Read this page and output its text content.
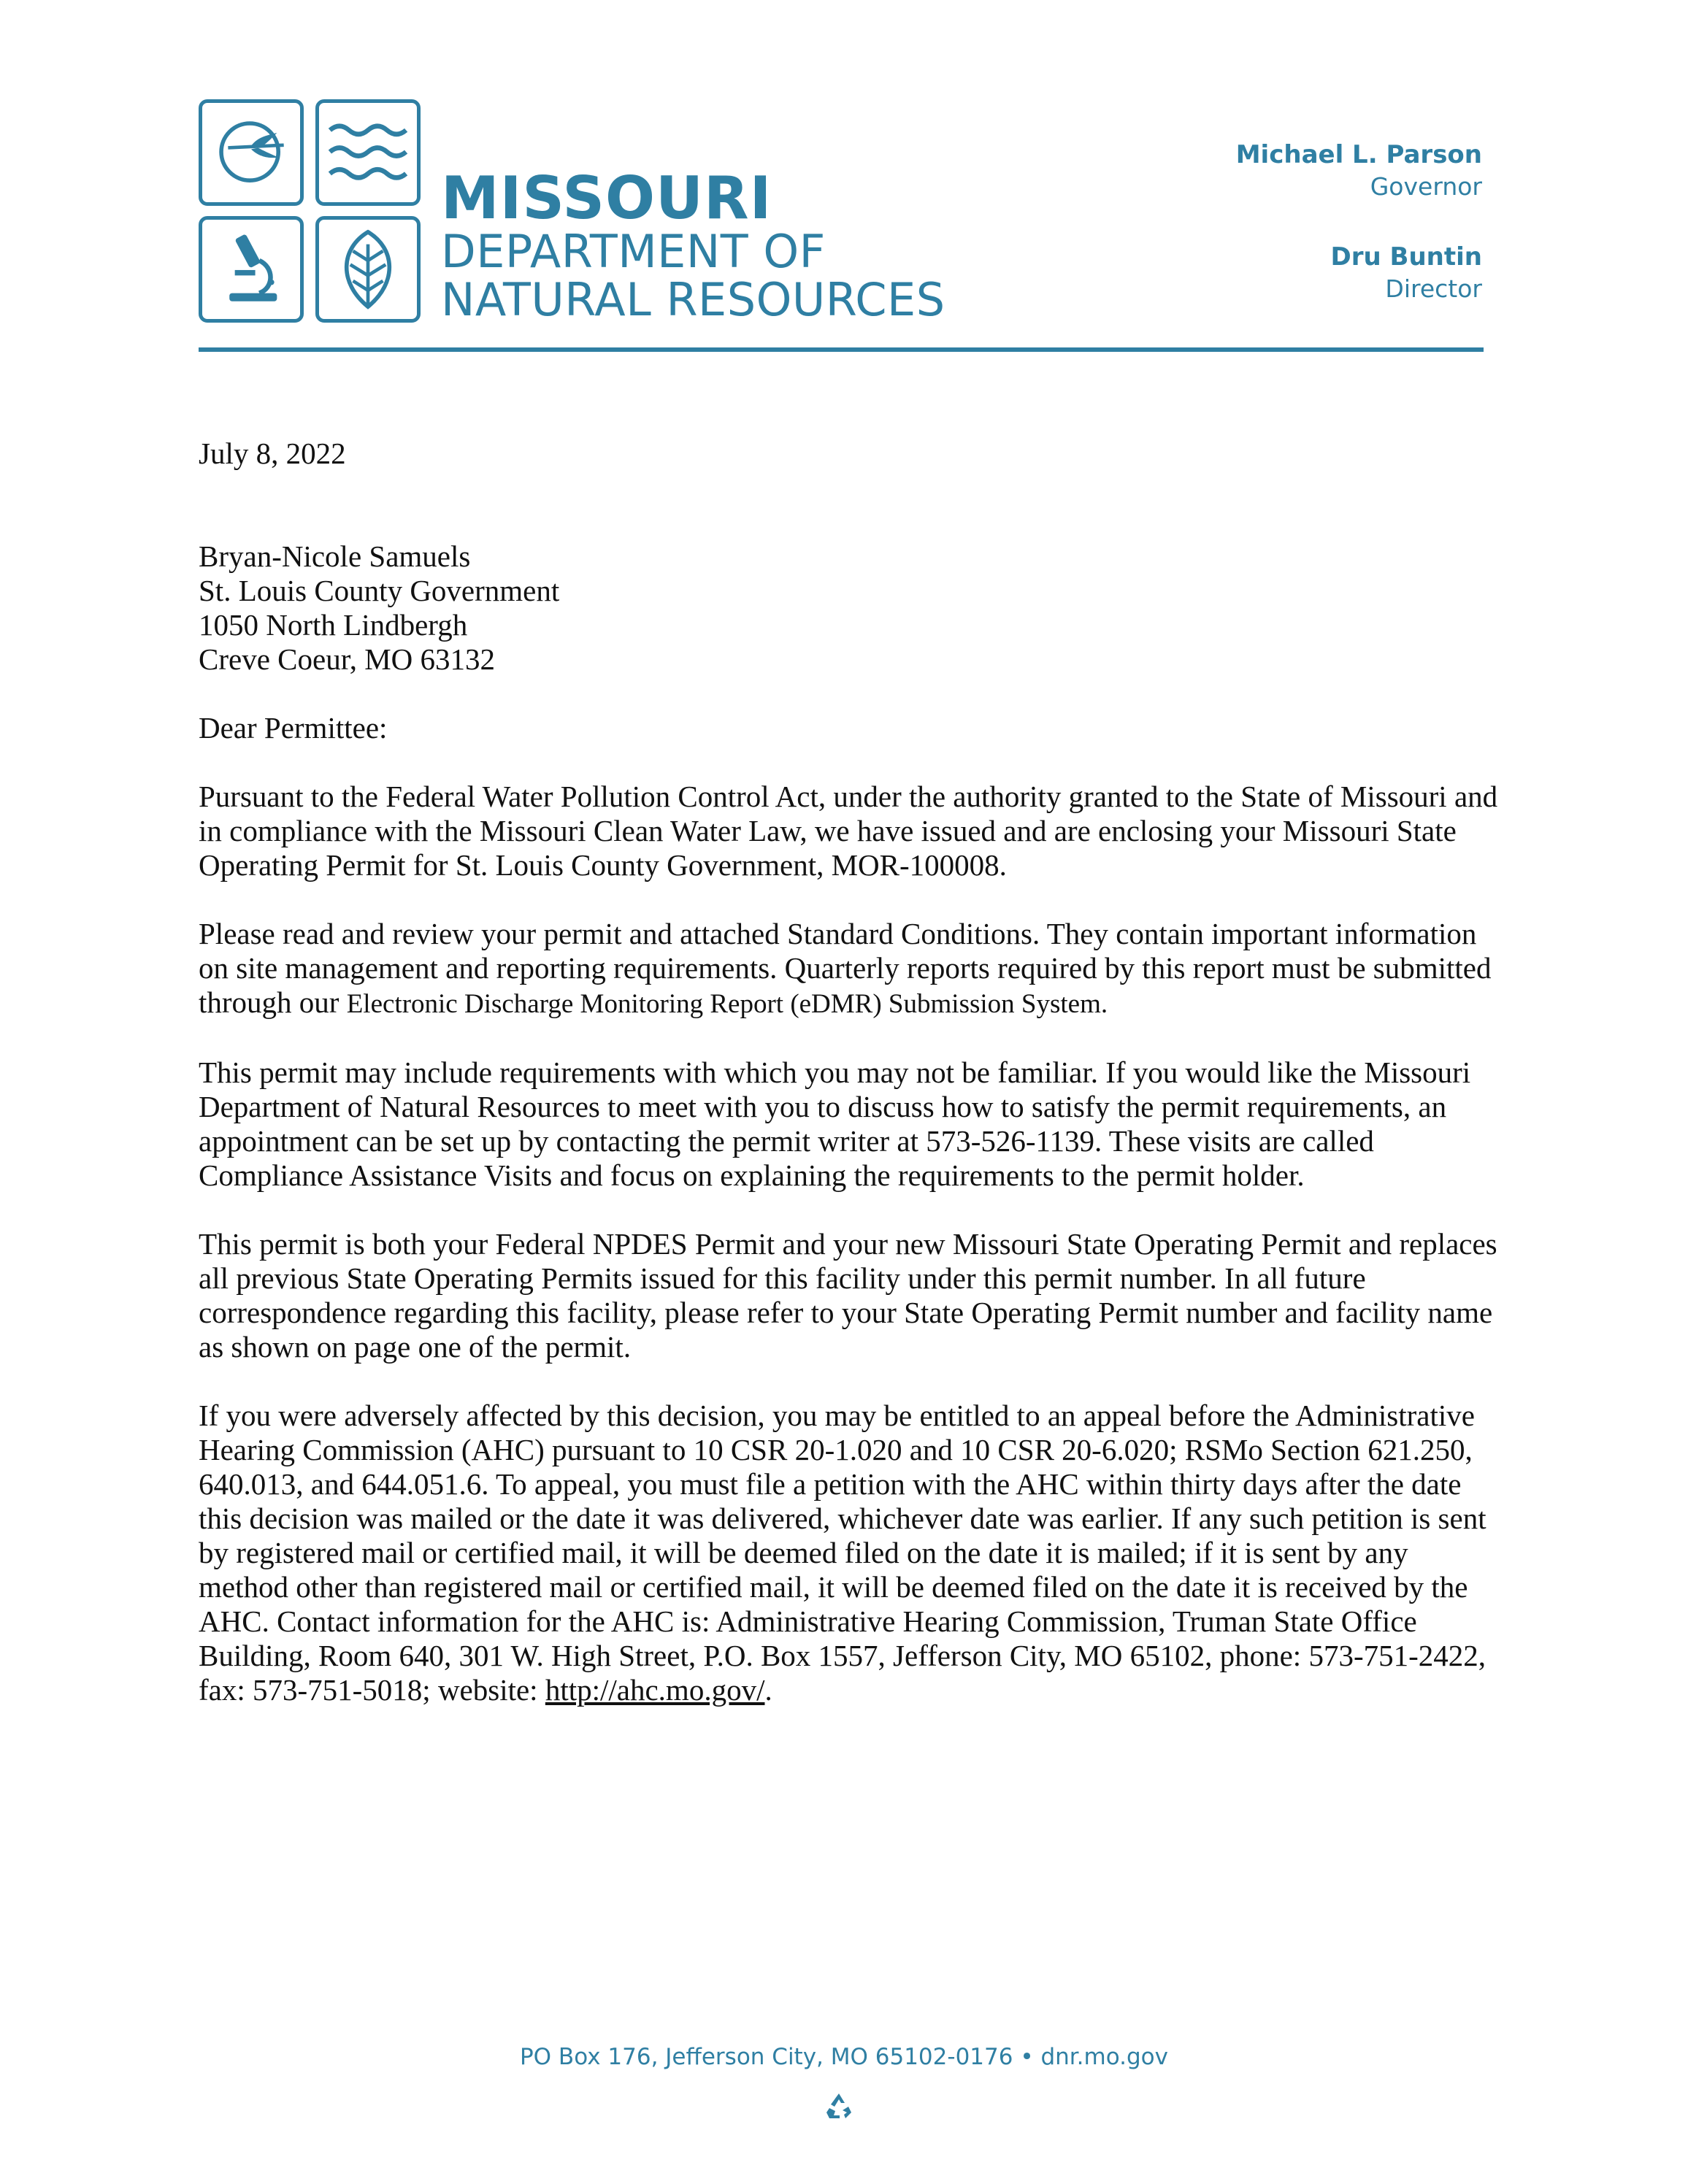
MISSOURI

DEPARTMENT OF

NATURAL RESOURCES

Michael L. Parson
Governor
Dru Buntin
Director

July 8, 2022

Bryan-Nicole Samuels
St. Louis County Government
1050 North Lindbergh
Creve Coeur, MO 63132

Dear Permittee:

Pursuant to the Federal Water Pollution Control Act, under the authority granted to the State of Missouri and in compliance with the Missouri Clean Water Law, we have issued and are enclosing your Missouri State Operating Permit for St. Louis County Government, MOR-100008.

Please read and review your permit and attached Standard Conditions. They contain important information on site management and reporting requirements. Quarterly reports required by this report must be submitted through our Electronic Discharge Monitoring Report (eDMR) Submission System.

This permit may include requirements with which you may not be familiar. If you would like the Missouri Department of Natural Resources to meet with you to discuss how to satisfy the permit requirements, an appointment can be set up by contacting the permit writer at 573-526-1139. These visits are called Compliance Assistance Visits and focus on explaining the requirements to the permit holder.

This permit is both your Federal NPDES Permit and your new Missouri State Operating Permit and replaces all previous State Operating Permits issued for this facility under this permit number. In all future correspondence regarding this facility, please refer to your State Operating Permit number and facility name as shown on page one of the permit.

If you were adversely affected by this decision, you may be entitled to an appeal before the Administrative Hearing Commission (AHC) pursuant to 10 CSR 20-1.020 and 10 CSR 20-6.020; RSMo Section 621.250, 640.013, and 644.051.6. To appeal, you must file a petition with the AHC within thirty days after the date this decision was mailed or the date it was delivered, whichever date was earlier. If any such petition is sent by registered mail or certified mail, it will be deemed filed on the date it is mailed; if it is sent by any method other than registered mail or certified mail, it will be deemed filed on the date it is received by the AHC. Contact information for the AHC is: Administrative Hearing Commission, Truman State Office Building, Room 640, 301 W. High Street, P.O. Box 1557, Jefferson City, MO 65102, phone: 573-751-2422, fax: 573-751-5018; website: http://ahc.mo.gov/.

PO Box 176, Jefferson City, MO 65102-0176 • dnr.mo.gov
